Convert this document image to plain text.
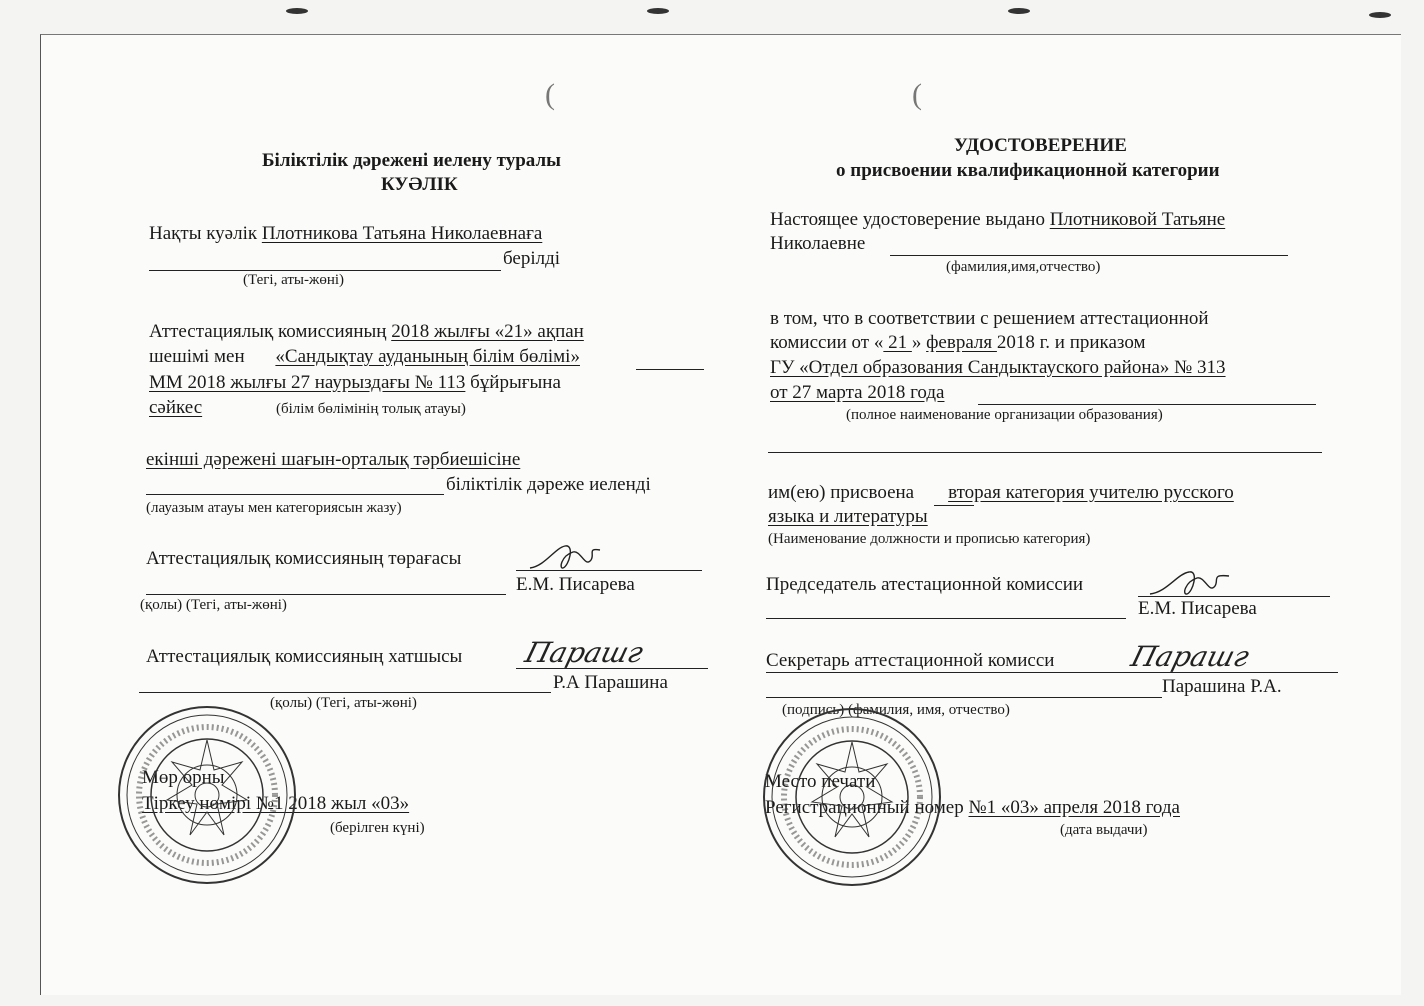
(	(
Біліктілік дәрежені иелену туралы
КУӘЛІК
Нақты куәлік Плотникова Татьяна Николаевнаға
берілді
(Тегі, аты-жөні)
Аттестациялық комиссияның 2018 жылғы «21» ақпан
шешімі мен «Сандықтау ауданының білім бөлімі»
ММ 2018 жылғы 27 наурыздағы № 113 бұйрығына
сәйкес	(білім бөлімінің толық атауы)
екінші дәрежені шағын-орталық тәрбиешісіне
біліктілік дәреже иеленді
(лауазым атауы мен категориясын жазу)
Аттестациялық комиссияның төрағасы
Е.М. Писарева
(қолы) (Тегі, аты-жөні)
Аттестациялық комиссияның хатшысы
Р.А Парашина
(қолы) (Тегі, аты-жөні)
Мөр орны
Тіркеу нөмірі №1 2018 жыл «03»
(берілген күні)
УДОСТОВЕРЕНИЕ
о присвоении квалификационной категории
Настоящее удостоверение выдано Плотниковой Татьяне
Николаевне
(фамилия,имя,отчество)
в том, что в соответствии с решением аттестационной
комиссии от « 21 » февраля 2018 г. и приказом
ГУ «Отдел образования Сандыктауского района» № 313
от 27 марта 2018 года
(полное наименование организации образования)
им(ею) присвоена вторая категория учителю русского
языка и литературы
(Наименование должности и прописью категория)
Председатель атестационной комиссии
Е.М. Писарева
Секретарь аттестационной комисси
Парашина Р.А.
(подпись) (фамилия, имя, отчество)
Место печати
Регистрационный номер №1 «03» апреля 2018 года
(дата выдачи)
Парашг	Парашг
